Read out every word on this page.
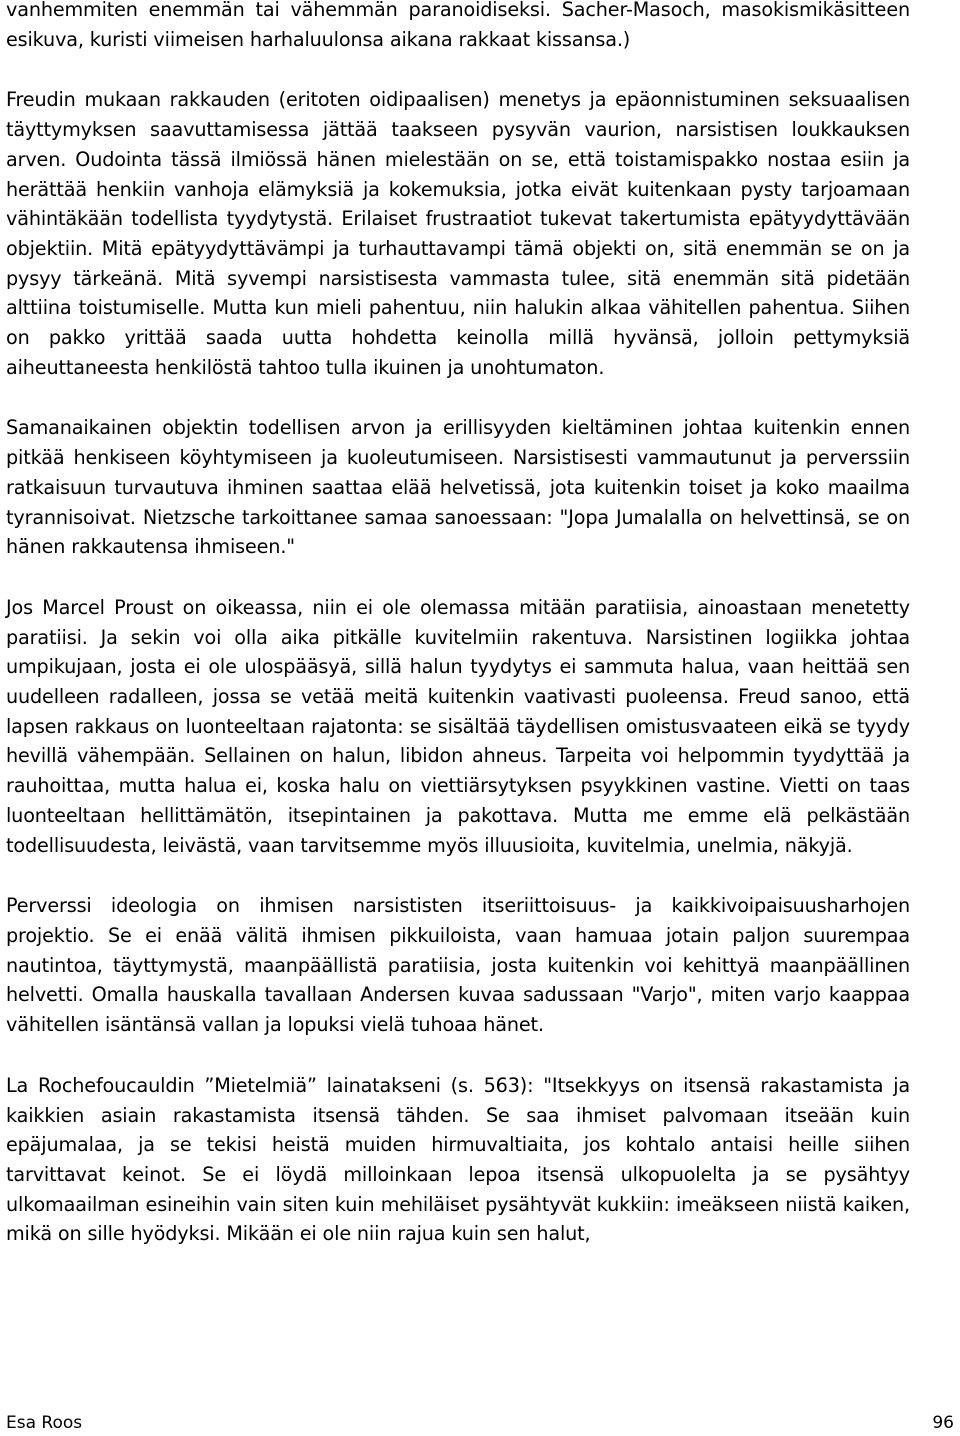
vanhemmiten enemmän tai vähemmän paranoidiseksi. Sacher-Masoch, masokismikäsitteen esikuva, kuristi viimeisen harhaluulonsa aikana rakkaat kissansa.)

Freudin mukaan rakkauden (eritoten oidipaalisen) menetys ja epäonnistuminen seksuaalisen täyttymyksen saavuttamisessa jättää taakseen pysyvän vaurion, narsistisen loukkauksen arven. Oudointa tässä ilmiössä hänen mielestään on se, että toistamispakko nostaa esiin ja herättää henkiin vanhoja elämyksiä ja kokemuksia, jotka eivät kuitenkaan pysty tarjoamaan vähintäkään todellista tyydytystä. Erilaiset frustraatiot tukevat takertumista epätyydyttävään objektiin. Mitä epätyydyttävämpi ja turhauttavampi tämä objekti on, sitä enemmän se on ja pysyy tärkeänä. Mitä syvempi narsistisesta vammasta tulee, sitä enemmän sitä pidetään alttiina toistumiselle. Mutta kun mieli pahentuu, niin halukin alkaa vähitellen pahentua. Siihen on pakko yrittää saada uutta hohdetta keinolla millä hyvänsä, jolloin pettymyksiä aiheuttaneesta henkilöstä tahtoo tulla ikuinen ja unohtumaton.

Samanaikainen objektin todellisen arvon ja erillisyyden kieltäminen johtaa kuitenkin ennen pitkää henkiseen köyhtymiseen ja kuoleutumiseen. Narsistisesti vammautunut ja perverssiin ratkaisuun turvautuva ihminen saattaa elää helvetissä, jota kuitenkin toiset ja koko maailma tyrannisoivat. Nietzsche tarkoittanee samaa sanoessaan: "Jopa Jumalalla on helvettinsä, se on hänen rakkautensa ihmiseen."

Jos Marcel Proust on oikeassa, niin ei ole olemassa mitään paratiisia, ainoastaan menetetty paratiisi. Ja sekin voi olla aika pitkälle kuvitelmiin rakentuva. Narsistinen logiikka johtaa umpikujaan, josta ei ole ulospääsyä, sillä halun tyydytys ei sammuta halua, vaan heittää sen uudelleen radalleen, jossa se vetää meitä kuitenkin vaativasti puoleensa. Freud sanoo, että lapsen rakkaus on luonteeltaan rajatonta: se sisältää täydellisen omistusvaateen eikä se tyydy hevillä vähempään. Sellainen on halun, libidon ahneus. Tarpeita voi helpommin tyydyttää ja rauhoittaa, mutta halua ei, koska halu on viettiärsytyksen psyykkinen vastine. Vietti on taas luonteeltaan hellittämätön, itsepintainen ja pakottava. Mutta me emme elä pelkästään todellisuudesta, leivästä, vaan tarvitsemme myös illuusioita, kuvitelmia, unelmia, näkyjä.

Perverssi ideologia on ihmisen narsististen itseriittoisuus- ja kaikkivoipaisuusharhojen projektio. Se ei enää välitä ihmisen pikkuiloista, vaan hamuaa jotain paljon suurempaa nautintoa, täyttymystä, maanpäällistä paratiisia, josta kuitenkin voi kehittyä maanpäällinen helvetti. Omalla hauskalla tavallaan Andersen kuvaa sadussaan "Varjo", miten varjo kaappaa vähitellen isäntänsä vallan ja lopuksi vielä tuhoaa hänet.

La Rochefoucauldin ”Mietelmiä” lainatakseni (s. 563): "Itsekkyys on itsensä rakastamista ja kaikkien asiain rakastamista itsensä tähden. Se saa ihmiset palvomaan itseään kuin epäjumalaa, ja se tekisi heistä muiden hirmuvaltiaita, jos kohtalo antaisi heille siihen tarvittavat keinot. Se ei löydä milloinkaan lepoa itsensä ulkopuolelta ja se pysähtyy ulkomaailman esineihin vain siten kuin mehiläiset pysähtyvät kukkiin: imeäkseen niistä kaiken, mikä on sille hyödyksi. Mikään ei ole niin rajua kuin sen halut,

Esa Roos	96
